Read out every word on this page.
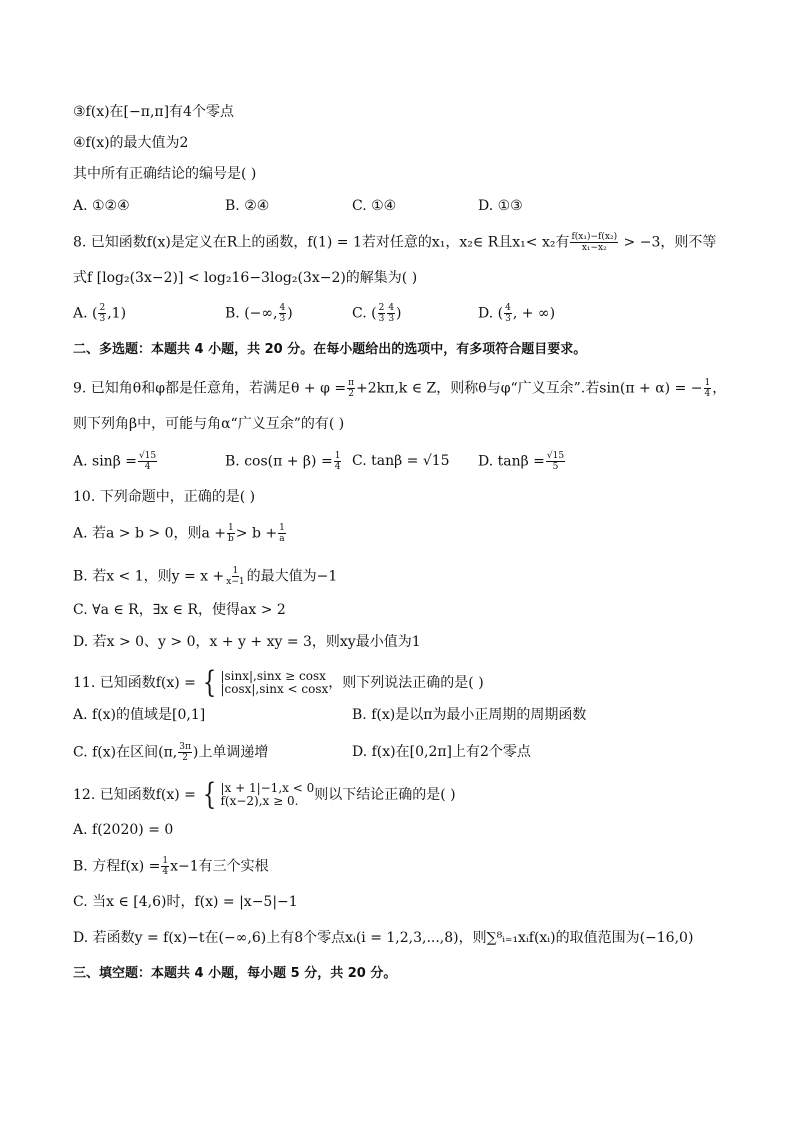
③f(x)在[−π,π]有4个零点
④f(x)的最大值为2
其中所有正确结论的编号是( )
A. ①②④	B. ②④	C. ①④	D. ①③
8. 已知函数f(x)是定义在R上的函数，f(1) = 1若对任意的x₁，x₂∈ R且x₁< x₂有 $\frac{\text{f(x₁)−f(x₂)}}{\text{x₁−x₂}} > -3$，则不等
式f [log₂(3x−2)] < log₂16−3log₂(3x−2)的解集为( )
A. ( $\frac{2}{3} ,1$)	B. (−∞, $\frac{4}{3}$ )	C. ( $\frac{2}{3} \frac{4}{3}$ )	D. ( $\frac{4}{3}$ , + ∞)
二、多选题：本题共 4 小题，共 20 分。在每小题给出的选项中，有多项符合题目要求。
9. 已知角θ和φ都是任意角，若满足$\theta + \varphi = \frac{\pi}{2} +2k\pi,k$ ∈ Z，则称θ与φ“广义互余”.若sin(π + α) = − $\frac{1}{4}$ ，
则下列角β中，可能与角α“广义互余”的有( )
A. $\sin\beta = \frac{√15}{4}$	B. $\cos(\pi + \beta) = \frac{1}{4} C$. tanβ = √15 D. $\tan\beta = \frac{√15}{5}$
10. 下列命题中，正确的是( )
A. 若a > b > 0，则$a + \frac{1}{b} > b + \frac{1}{a}$
B. 若x < 1，则$y = x + \frac{1}{x-1}$ 的最大值为−1
C. ∀a ∈ R，∃x ∈ R，使得ax > 2
D. 若x > 0、y > 0，x + y + xy = 3，则xy最小值为1
11. 已知函数f(x) = { |sinx|,sinx ≥ cosx
|cosx|,sinx < cosx ，则下列说法正确的是( )
A. f(x)的值域是[0,1]	B. f(x)是以π为最小正周期的周期函数
C. f(x)在区间(π, $\frac{3\pi}{2}$ )上单调递增	D. f(x)在[0,2π]上有2个零点
12. 已知函数f(x) = { |x + 1|−1,x < 0
f(x−2),x ≥ 0.	则以下结论正确的是( )
A. f(2020) = 0
B. 方程$f(x) = \frac{1}{4} x-1$有三个实根
C. 当x ∈ [4,6)时，f(x) = |x−5|−1
D. 若函数y = f(x)−t在(−∞,6)上有8个零点xᵢ(i = 1,2,3,...,8)，则∑⁸ᵢ₌₁xᵢf(xᵢ)的取值范围为(−16,0)
三、填空题：本题共 4 小题，每小题 5 分，共 20 分。
